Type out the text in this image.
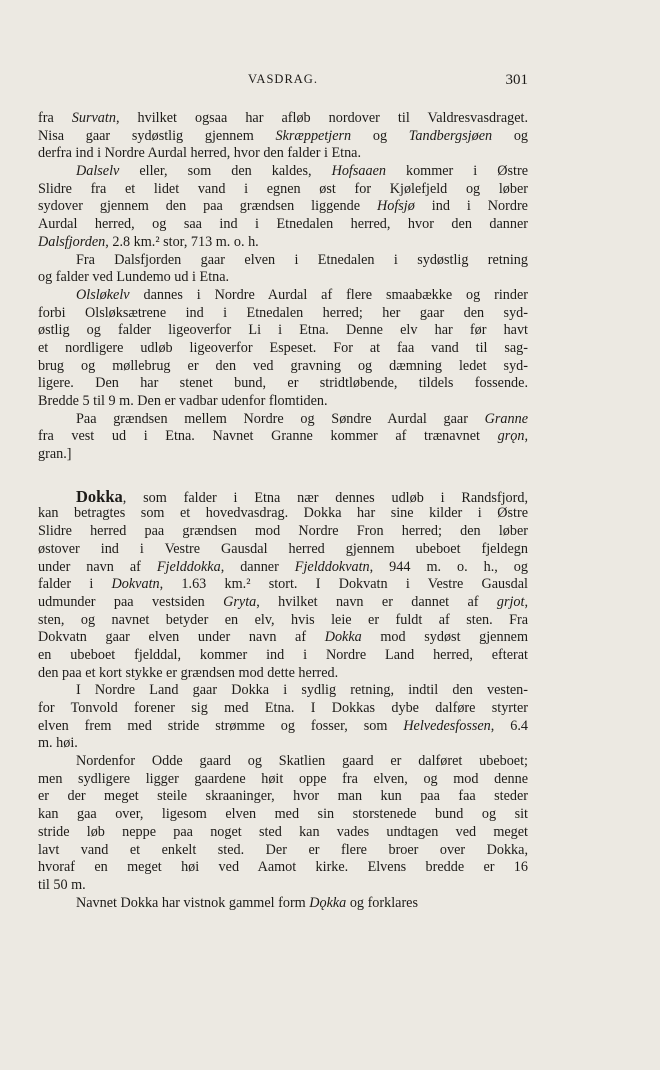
VASDRAG.	301
fra Survatn, hvilket ogsaa har afløb nordover til Valdresvasdraget.
Nisa gaar sydøstlig gjennem Skræppetjern og Tandbergsjøen og
derfra ind i Nordre Aurdal herred, hvor den falder i Etna.
Dalselv eller, som den kaldes, Hofsaaen kommer i Østre
Slidre fra et lidet vand i egnen øst for Kjølefjeld og løber
sydover gjennem den paa grændsen liggende Hofsjø ind i Nordre
Aurdal herred, og saa ind i Etnedalen herred, hvor den danner
Dalsfjorden, 2.8 km.² stor, 713 m. o. h.
Fra Dalsfjorden gaar elven i Etnedalen i sydøstlig retning
og falder ved Lundemo ud i Etna.
Olsløkelv dannes i Nordre Aurdal af flere smaabække og rinder
forbi Olsløksætrene ind i Etnedalen herred; her gaar den syd-
østlig og falder ligeoverfor Li i Etna. Denne elv har før havt
et nordligere udløb ligeoverfor Espeset. For at faa vand til sag-
brug og møllebrug er den ved gravning og dæmning ledet syd-
ligere. Den har stenet bund, er stridtløbende, tildels fossende.
Bredde 5 til 9 m. Den er vadbar udenfor flomtiden.
Paa grændsen mellem Nordre og Søndre Aurdal gaar Granne
fra vest ud i Etna. Navnet Granne kommer af trænavnet grǫn,
gran.]
Dokka, som falder i Etna nær dennes udløb i Randsfjord,
kan betragtes som et hovedvasdrag. Dokka har sine kilder i Østre
Slidre herred paa grændsen mod Nordre Fron herred; den løber
østover ind i Vestre Gausdal herred gjennem ubeboet fjeldegn
under navn af Fjelddokka, danner Fjelddokvatn, 944 m. o. h., og
falder i Dokvatn, 1.63 km.² stort. I Dokvatn i Vestre Gausdal
udmunder paa vestsiden Gryta, hvilket navn er dannet af grjot,
sten, og navnet betyder en elv, hvis leie er fuldt af sten. Fra
Dokvatn gaar elven under navn af Dokka mod sydøst gjennem
en ubeboet fjelddal, kommer ind i Nordre Land herred, efterat
den paa et kort stykke er grændsen mod dette herred.
I Nordre Land gaar Dokka i sydlig retning, indtil den vesten-
for Tonvold forener sig med Etna. I Dokkas dybe dalføre styrter
elven frem med stride strømme og fosser, som Helvedesfossen, 6.4
m. høi.
Nordenfor Odde gaard og Skatlien gaard er dalføret ubeboet;
men sydligere ligger gaardene høit oppe fra elven, og mod denne
er der meget steile skraaninger, hvor man kun paa faa steder
kan gaa over, ligesom elven med sin storstenede bund og sit
stride løb neppe paa noget sted kan vades undtagen ved meget
lavt vand et enkelt sted. Der er flere broer over Dokka,
hvoraf en meget høi ved Aamot kirke. Elvens bredde er 16
til 50 m.
Navnet Dokka har vistnok gammel form Dǫkka og forklares
